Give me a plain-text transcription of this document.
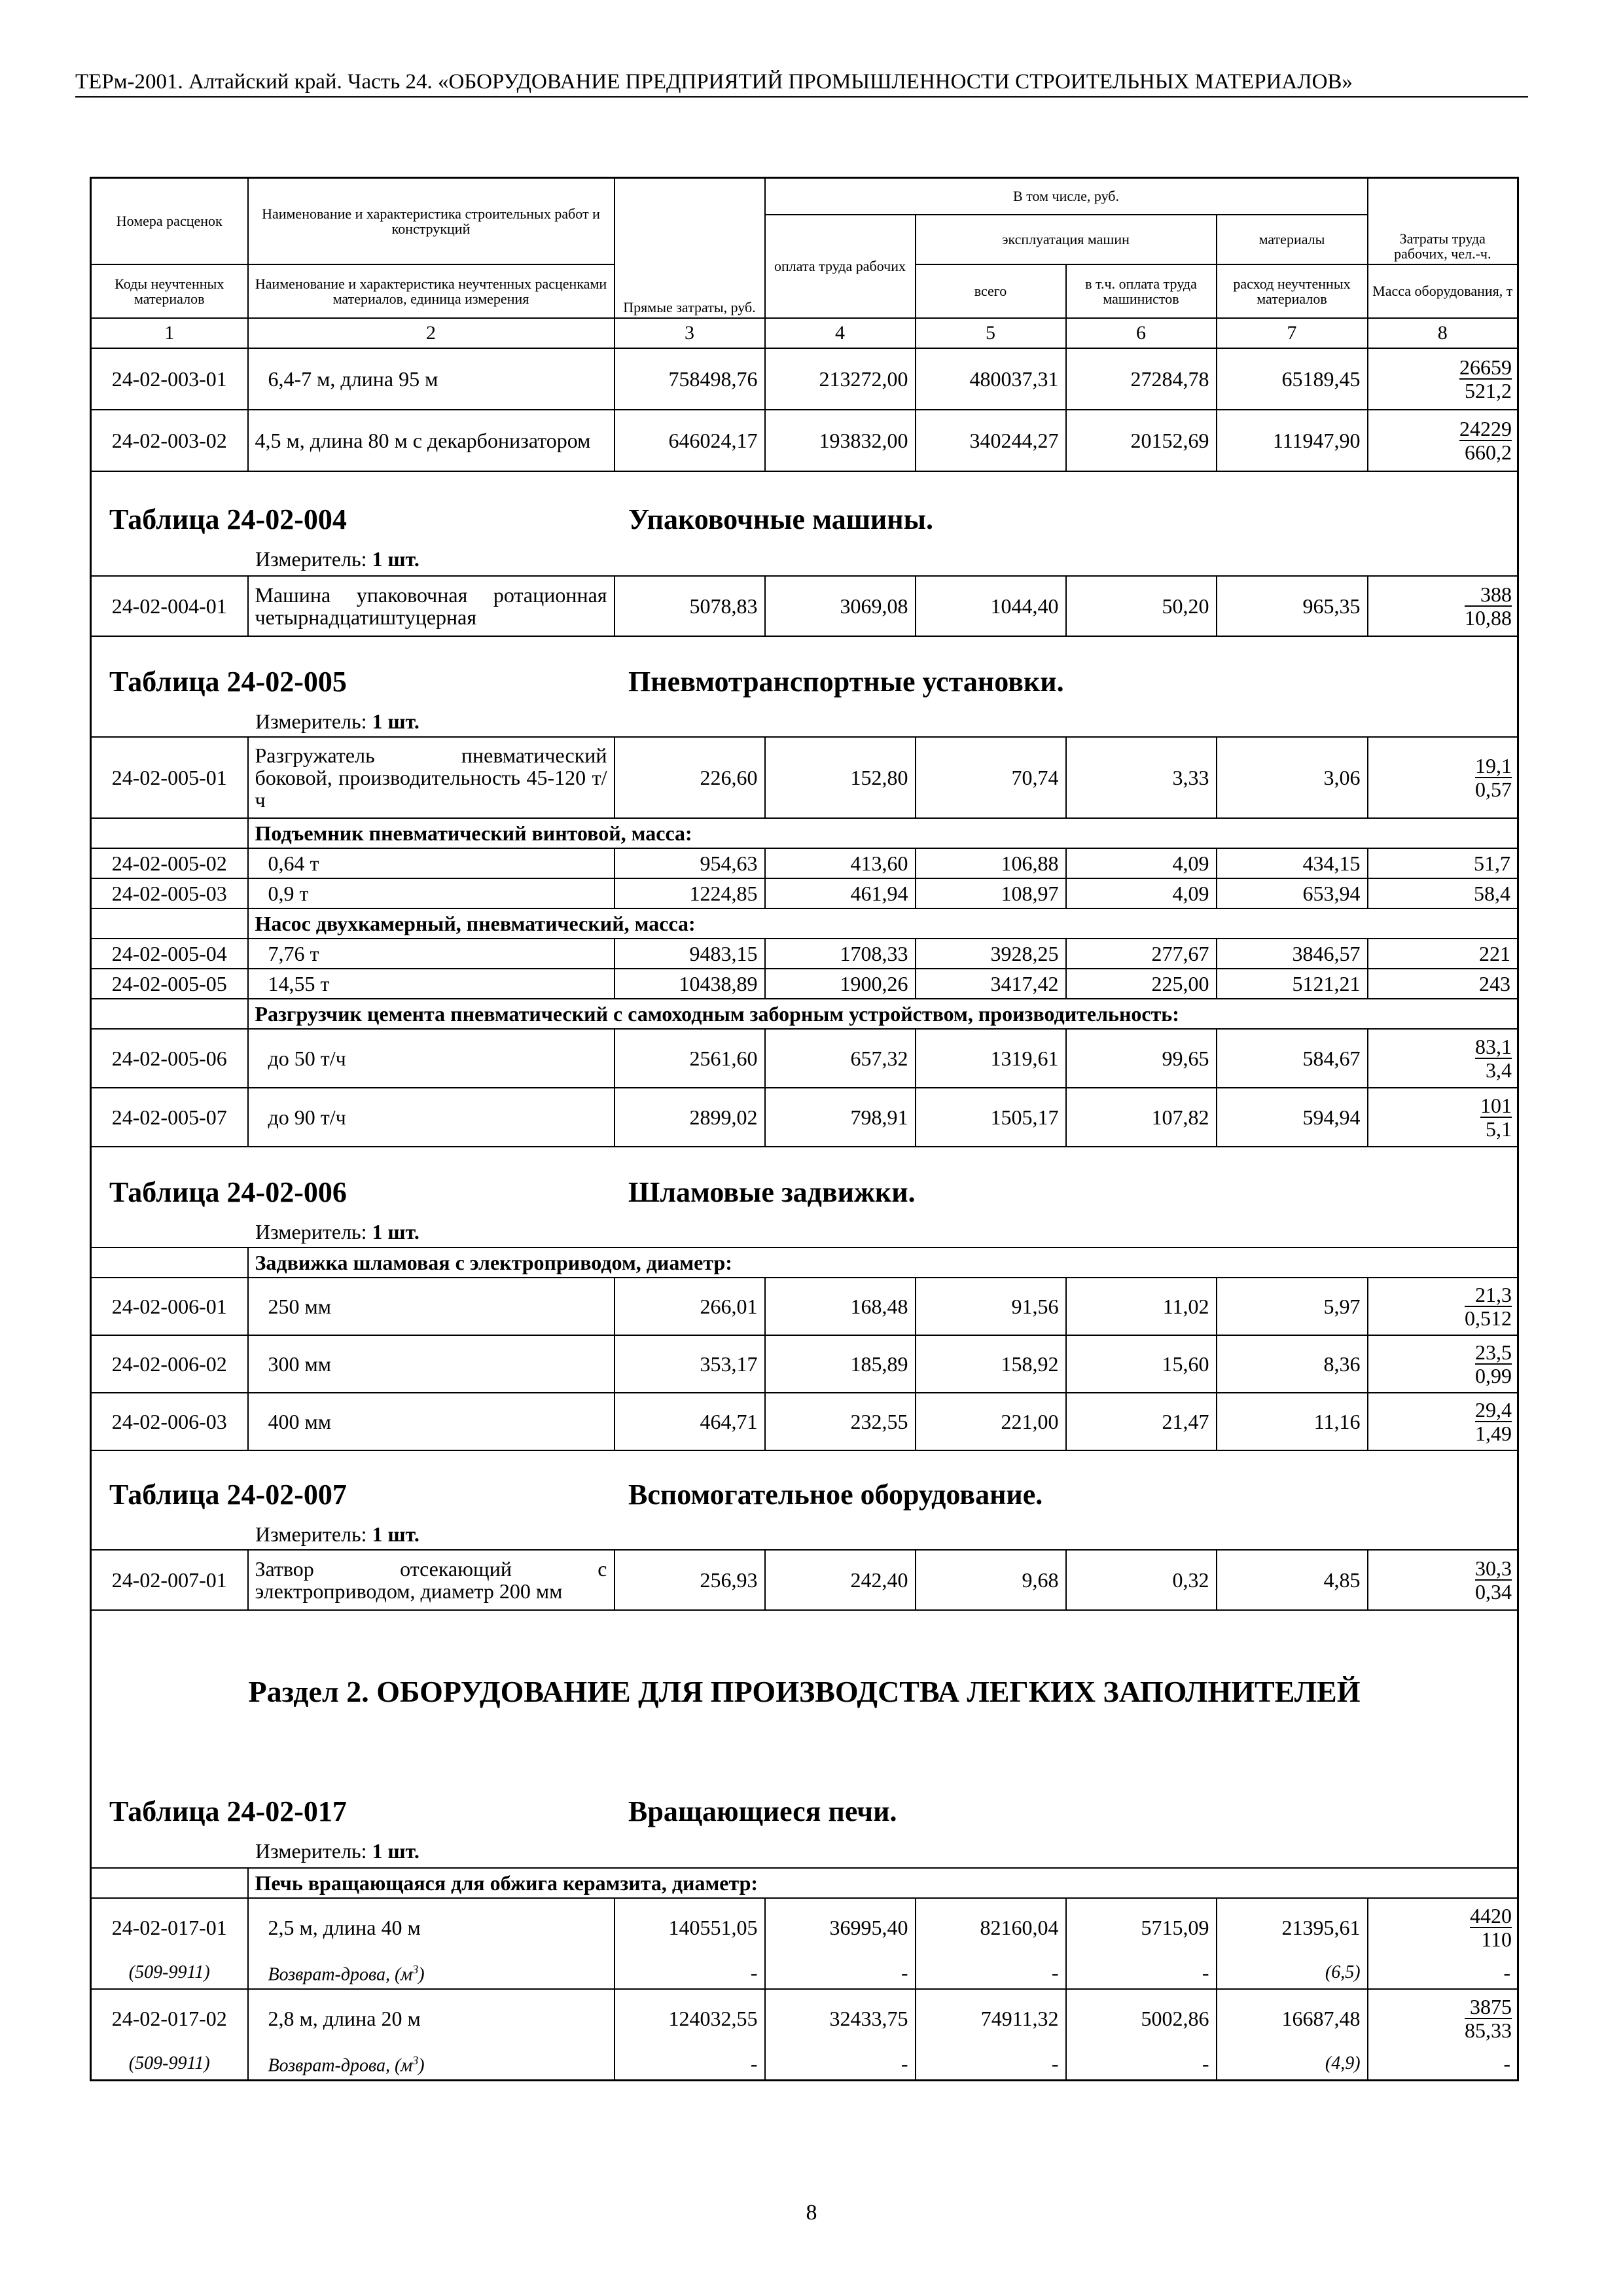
ТЕРм-2001. Алтайский край. Часть 24. «ОБОРУДОВАНИЕ ПРЕДПРИЯТИЙ ПРОМЫШЛЕННОСТИ СТРОИТЕЛЬНЫХ МАТЕРИАЛОВ»
Номера расценок	Наименование и характеристика строительных работ и конструкций	Прямые затраты, руб.	В том числе, руб.				Затраты труда рабочих, чел.-ч.
			оплата труда рабочих	эксплуатация машин		материалы	
Коды неучтенных материалов	Наименование и характеристика неучтенных расценками материалов, единица измерения			всего	в т.ч. оплата труда машинистов	расход неучтенных материалов	Масса оборудования, т
1	2	3	4	5	6	7	8
24-02-003-01	6,4-7 м, длина 95 м	758498,76	213272,00	480037,31	27284,78	65189,45	$\frac{26659}{521,2}$

24-02-003-02	4,5 м, длина 80 м с декарбонизатором	646024,17	193832,00	340244,27	20152,69	111947,90	$\frac{24229}{660,2}$

Таблица 24-02-004 Упаковочные машины.
Измеритель: 1 шт.							

24-02-004-01	Машина упаковочная ротационная четырнадцатиштуцерная	5078,83	3069,08	1044,40	50,20	965,35	$\frac{388}{10,88}$

Таблица 24-02-005 Пневмотранспортные установки.
Измеритель: 1 шт.							

24-02-005-01	Разгружатель пневматический боковой, производительность 45-120 т/ч	226,60	152,80	70,74	3,33	3,06	$\frac{19,1}{0,57}$

	Подъемник пневматический винтовой, масса:						
24-02-005-02	0,64 т	954,63	413,60	106,88	4,09	434,15	51,7
24-02-005-03	0,9 т	1224,85	461,94	108,97	4,09	653,94	58,4
	Насос двухкамерный, пневматический, масса:						
24-02-005-04	7,76 т	9483,15	1708,33	3928,25	277,67	3846,57	221
24-02-005-05	14,55 т	10438,89	1900,26	3417,42	225,00	5121,21	243
	Разгрузчик цемента пневматический с самоходным заборным устройством, производительность:						
24-02-005-06	до 50 т/ч	2561,60	657,32	1319,61	99,65	584,67	$\frac{83,1}{3,4}$

24-02-005-07	до 90 т/ч	2899,02	798,91	1505,17	107,82	594,94	$\frac{101}{5,1}$

Таблица 24-02-006 Шламовые задвижки.
Измеритель: 1 шт.							

	Задвижка шламовая с электроприводом, диаметр:						
24-02-006-01	250 мм	266,01	168,48	91,56	11,02	5,97	$\frac{21,3}{0,512}$

24-02-006-02	300 мм	353,17	185,89	158,92	15,60	8,36	$\frac{23,5}{0,99}$

24-02-006-03	400 мм	464,71	232,55	221,00	21,47	11,16	$\frac{29,4}{1,49}$

Таблица 24-02-007 Вспомогательное оборудование.
Измеритель: 1 шт.							

24-02-007-01	Затвор отсекающий с электроприводом, диаметр 200 мм	256,93	242,40	9,68	0,32	4,85	$\frac{30,3}{0,34}$

Раздел 2. ОБОРУДОВАНИЕ ДЛЯ ПРОИЗВОДСТВА ЛЕГКИХ ЗАПОЛНИТЕЛЕЙ
Таблица 24-02-017 Вращающиеся печи.
Измеритель: 1 шт.							

	Печь вращающаяся для обжига керамзита, диаметр:						
24-02-017-01	2,5 м, длина 40 м	140551,05	36995,40	82160,04	5715,09	21395,61	$\frac{4420}{110}$

(509-9911)	Возврат-дрова, $(м^3)$	-	-	-	-	(6,5)	-
24-02-017-02	2,8 м, длина 20 м	124032,55	32433,75	74911,32	5002,86	16687,48	$\frac{3875}{85,33}$

(509-9911)	Возврат-дрова, $(м^3)$	-	-	-	-	(4,9)	-
8
